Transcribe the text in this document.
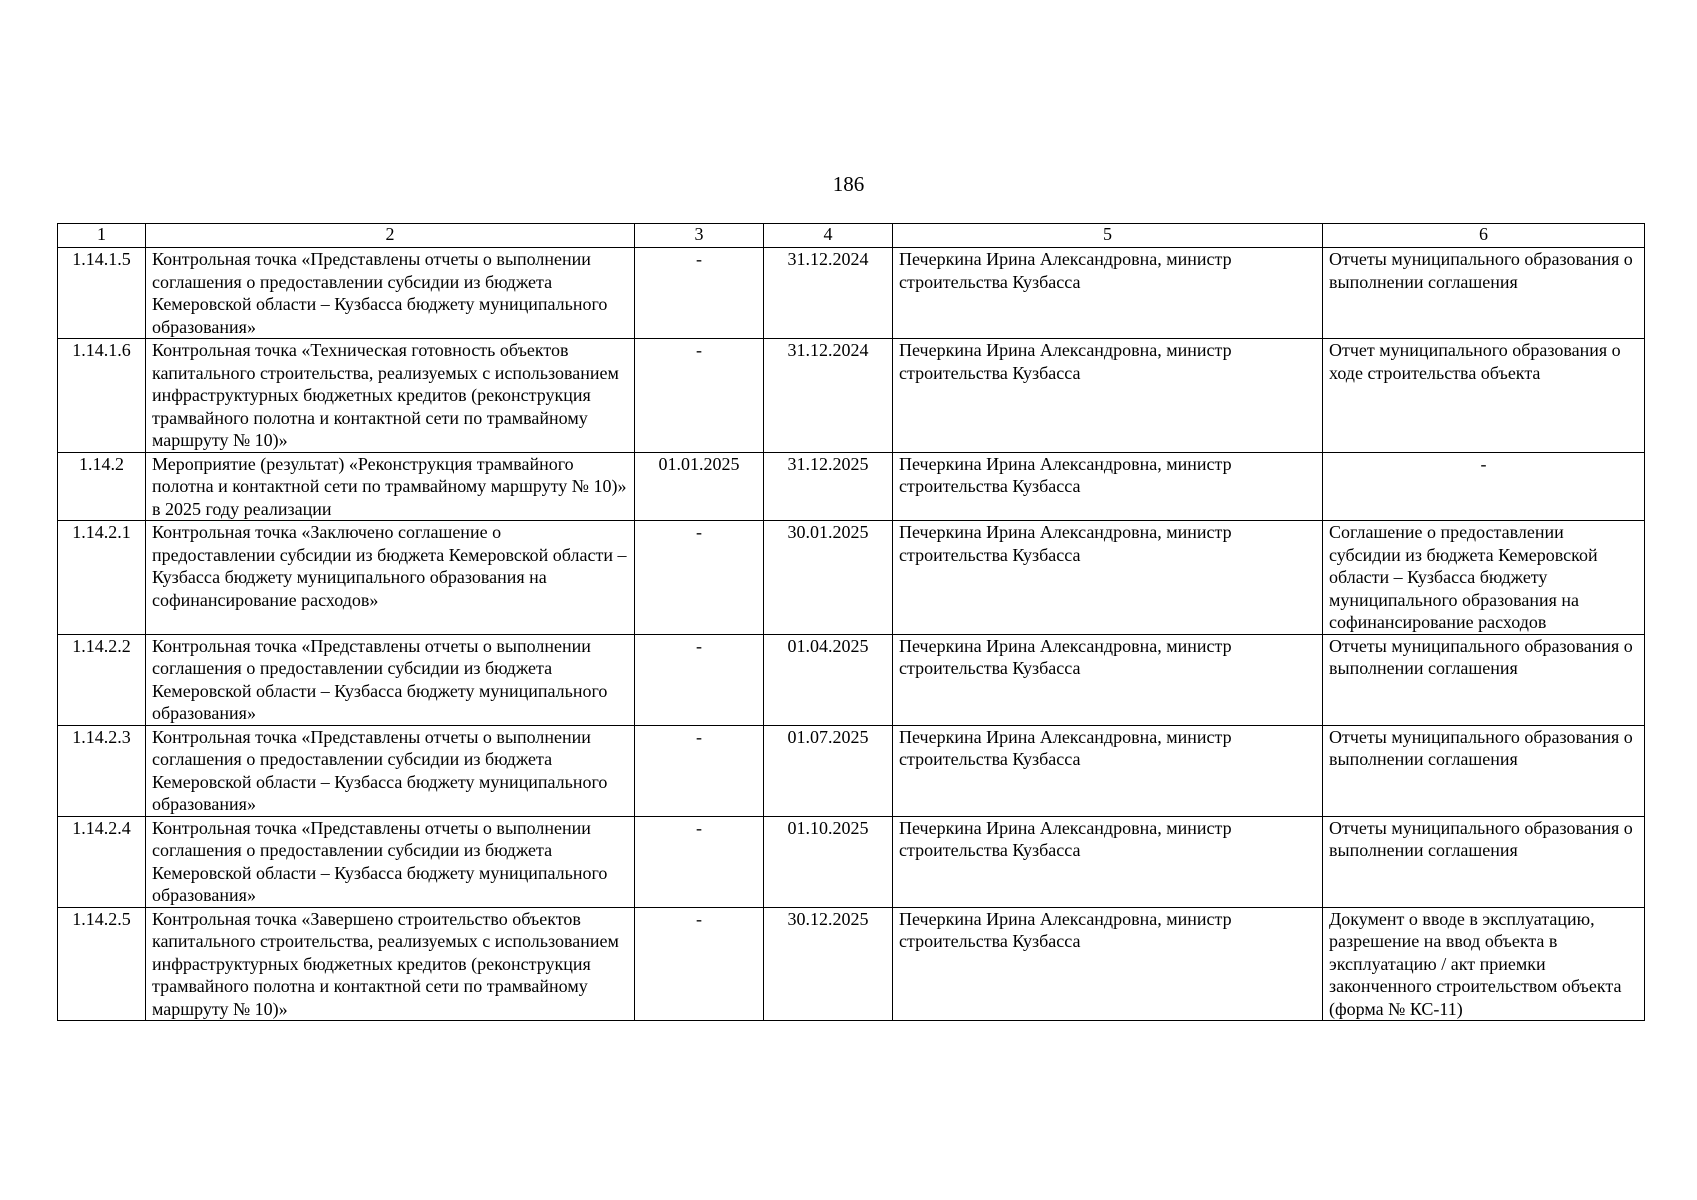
186
1	2	3	4	5	6
1.14.1.5	Контрольная точка «Представлены отчеты о выполнении соглашения о предоставлении субсидии из бюджета Кемеровской области – Кузбасса бюджету муниципального образования»	-	31.12.2024	Печеркина Ирина Александровна, министр строительства Кузбасса	Отчеты муниципального образования о выполнении соглашения
1.14.1.6	Контрольная точка «Техническая готовность объектов капитального строительства, реализуемых с использованием инфраструктурных бюджетных кредитов (реконструкция трамвайного полотна и контактной сети по трамвайному маршруту № 10)»	-	31.12.2024	Печеркина Ирина Александровна, министр строительства Кузбасса	Отчет муниципального образования о ходе строительства объекта
1.14.2	Мероприятие (результат) «Реконструкция трамвайного полотна и контактной сети по трамвайному маршруту № 10)» в 2025 году реализации	01.01.2025	31.12.2025	Печеркина Ирина Александровна, министр строительства Кузбасса	-
1.14.2.1	Контрольная точка «Заключено соглашение о предоставлении субсидии из бюджета Кемеровской области – Кузбасса бюджету муниципального образования на софинансирование расходов»	-	30.01.2025	Печеркина Ирина Александровна, министр строительства Кузбасса	Соглашение о предоставлении субсидии из бюджета Кемеровской области – Кузбасса бюджету муниципального образования на софинансирование расходов
1.14.2.2	Контрольная точка «Представлены отчеты о выполнении соглашения о предоставлении субсидии из бюджета Кемеровской области – Кузбасса бюджету муниципального образования»	-	01.04.2025	Печеркина Ирина Александровна, министр строительства Кузбасса	Отчеты муниципального образования о выполнении соглашения
1.14.2.3	Контрольная точка «Представлены отчеты о выполнении соглашения о предоставлении субсидии из бюджета Кемеровской области – Кузбасса бюджету муниципального образования»	-	01.07.2025	Печеркина Ирина Александровна, министр строительства Кузбасса	Отчеты муниципального образования о выполнении соглашения
1.14.2.4	Контрольная точка «Представлены отчеты о выполнении соглашения о предоставлении субсидии из бюджета Кемеровской области – Кузбасса бюджету муниципального образования»	-	01.10.2025	Печеркина Ирина Александровна, министр строительства Кузбасса	Отчеты муниципального образования о выполнении соглашения
1.14.2.5	Контрольная точка «Завершено строительство объектов капитального строительства, реализуемых с использованием инфраструктурных бюджетных кредитов (реконструкция трамвайного полотна и контактной сети по трамвайному маршруту № 10)»	-	30.12.2025	Печеркина Ирина Александровна, министр строительства Кузбасса	Документ о вводе в эксплуатацию, разрешение на ввод объекта в эксплуатацию / акт приемки законченного строительством объекта (форма № КС-11)
